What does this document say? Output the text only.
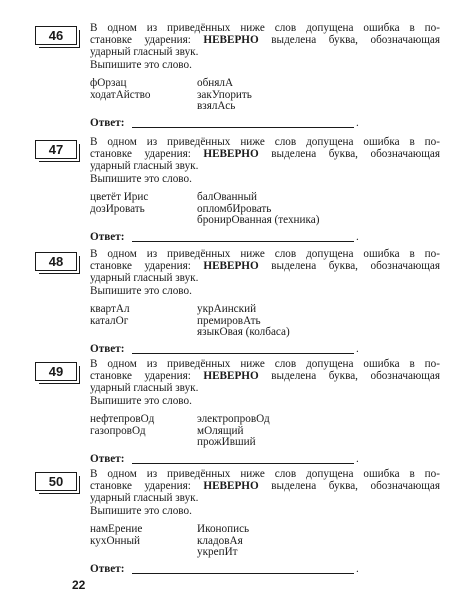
46	В одном из приведённых ниже слов допущена ошибка в по-
становке ударения: НЕВЕРНО выделена буква, обозначающая
ударный гласный звук.
Выпишите это слово.
фОрзац
ходатАйство
обнялА
закУпорить
взялАсь
Ответ:	.
47	В одном из приведённых ниже слов допущена ошибка в по-
становке ударения: НЕВЕРНО выделена буква, обозначающая
ударный гласный звук.
Выпишите это слово.
цветёт Ирис
дозИровать
балОванный
опломбИровать
бронирОванная (техника)
Ответ:	.
48	В одном из приведённых ниже слов допущена ошибка в по-
становке ударения: НЕВЕРНО выделена буква, обозначающая
ударный гласный звук.
Выпишите это слово.
квартАл
каталОг
укрАинский
премировАть
языкОвая (колбаса)
Ответ:	.
49	В одном из приведённых ниже слов допущена ошибка в по-
становке ударения: НЕВЕРНО выделена буква, обозначающая
ударный гласный звук.
Выпишите это слово.
нефтепровОд
газопровОд
электропровОд
мОлящий
прожИвший
Ответ:	.
50	В одном из приведённых ниже слов допущена ошибка в по-
становке ударения: НЕВЕРНО выделена буква, обозначающая
ударный гласный звук.
Выпишите это слово.
намЕрение
кухОнный
Иконопись
кладовАя
укрепИт
Ответ:	.
22
